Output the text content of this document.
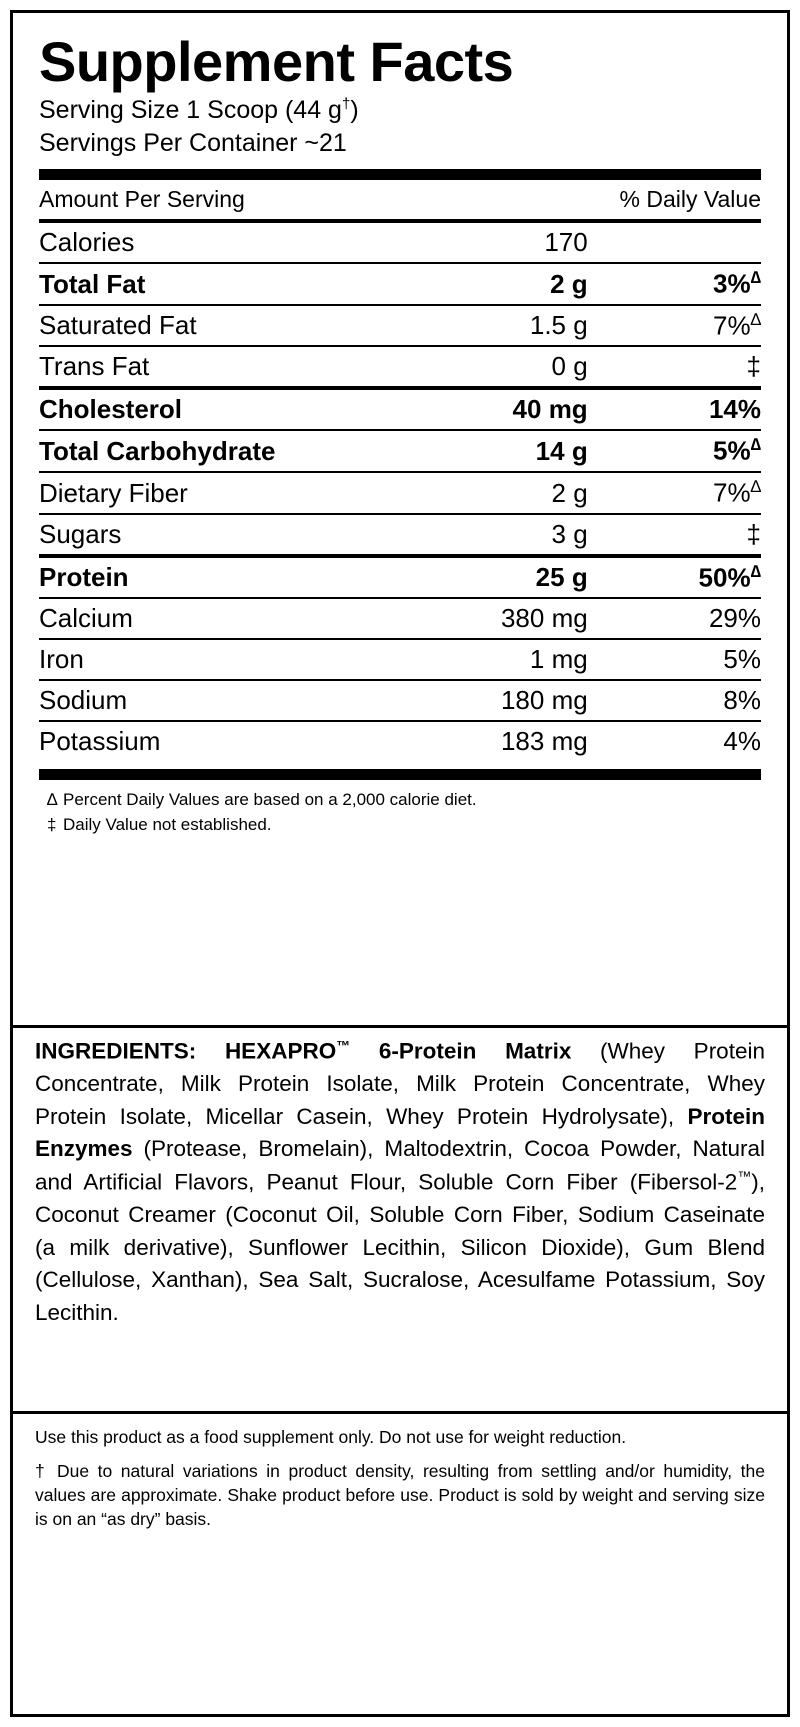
Supplement Facts
Serving Size 1 Scoop (44 g†)
Servings Per Container ~21
Amount Per Serving		% Daily Value
Calories	170	
Total Fat	2 g	3%∆
Saturated Fat	1.5 g	7%∆
Trans Fat	0 g	‡
Cholesterol	40 mg	14%
Total Carbohydrate	14 g	5%∆
Dietary Fiber	2 g	7%∆
Sugars	3 g	‡
Protein	25 g	50%∆
Calcium	380 mg	29%
Iron	1 mg	5%
Sodium	180 mg	8%
Potassium	183 mg	4%
∆ Percent Daily Values are based on a 2,000 calorie diet.
‡ Daily Value not established.

INGREDIENTS: HEXAPRO™ 6-Protein Matrix (Whey Protein Concentrate, Milk Protein Isolate, Milk Protein Concentrate, Whey Protein Isolate, Micellar Casein, Whey Protein Hydrolysate), Protein Enzymes (Protease, Bromelain), Maltodextrin, Cocoa Powder, Natural and Artificial Flavors, Peanut Flour, Soluble Corn Fiber (Fibersol-2™), Coconut Creamer (Coconut Oil, Soluble Corn Fiber, Sodium Caseinate (a milk derivative), Sunflower Lecithin, Silicon Dioxide), Gum Blend (Cellulose, Xanthan), Sea Salt, Sucralose, Acesulfame Potassium, Soy Lecithin.

Use this product as a food supplement only. Do not use for weight reduction.

† Due to natural variations in product density, resulting from settling and/or humidity, the values are approximate. Shake product before use. Product is sold by weight and serving size is on an “as dry” basis.
